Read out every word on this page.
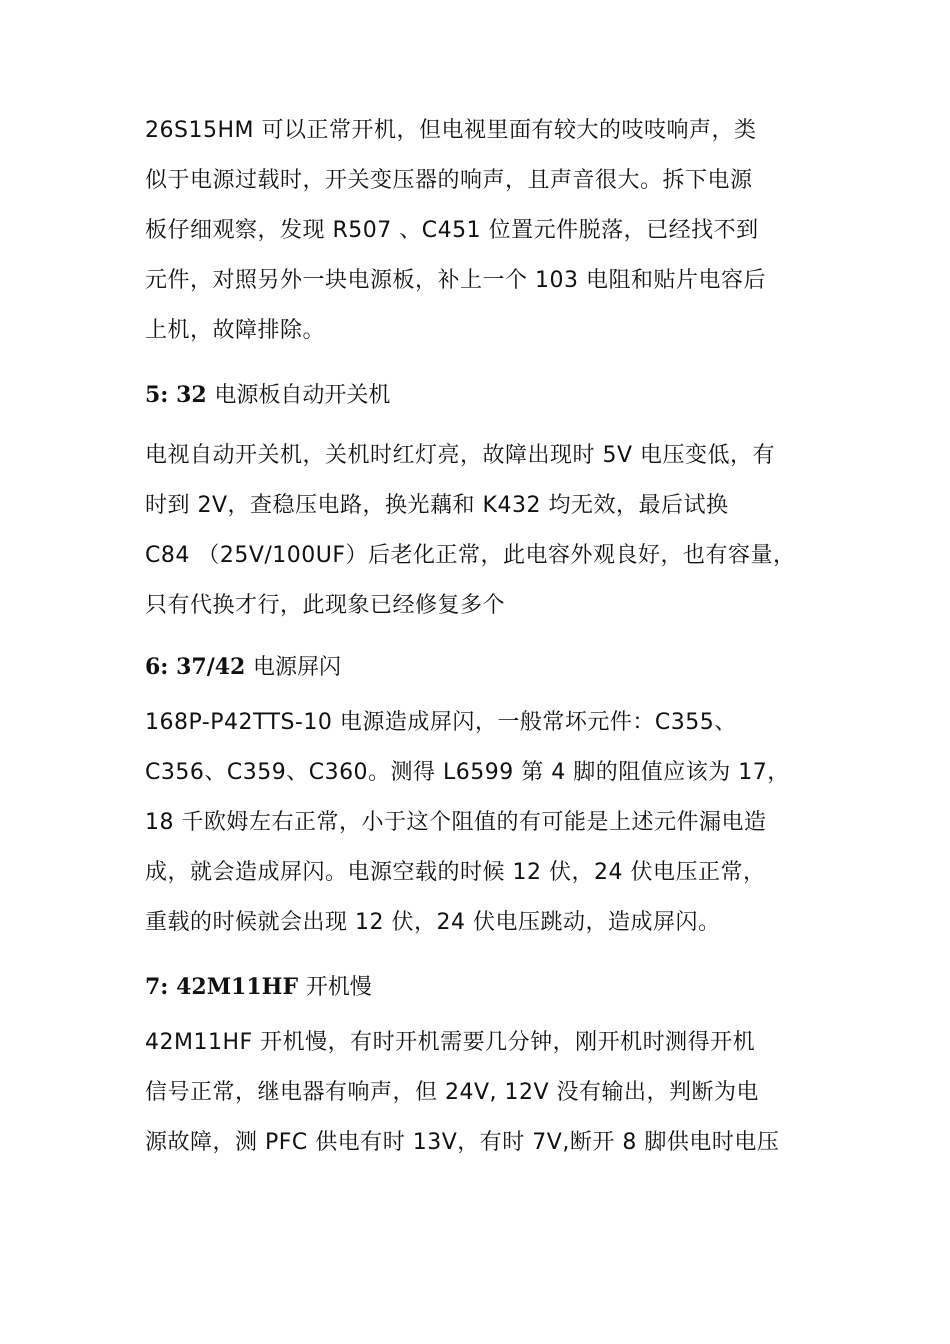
26S15HM 可以正常开机，但电视里面有较大的吱吱响声，类
似于电源过载时，开关变压器的响声，且声音很大。拆下电源
板仔细观察，发现 R507 、C451 位置元件脱落，已经找不到
元件，对照另外一块电源板，补上一个 103 电阻和贴片电容后
上机，故障排除。
5: 32 电源板自动开关机
电视自动开关机，关机时红灯亮，故障出现时 5V 电压变低，有
时到 2V，查稳压电路，换光藕和 K432 均无效，最后试换
C84 （25V/100UF）后老化正常，此电容外观良好，也有容量，
只有代换才行，此现象已经修复多个
6: 37/42 电源屏闪
168P-P42TTS-10 电源造成屏闪，一般常坏元件：C355、
C356、C359、C360。测得 L6599 第 4 脚的阻值应该为 17，
18 千欧姆左右正常，小于这个阻值的有可能是上述元件漏电造
成，就会造成屏闪。电源空载的时候 12 伏，24 伏电压正常，
重载的时候就会出现 12 伏，24 伏电压跳动，造成屏闪。
7: 42M11HF 开机慢
42M11HF 开机慢，有时开机需要几分钟，刚开机时测得开机
信号正常，继电器有响声，但 24V, 12V 没有输出，判断为电
源故障，测 PFC 供电有时 13V，有时 7V,断开 8 脚供电时电压
